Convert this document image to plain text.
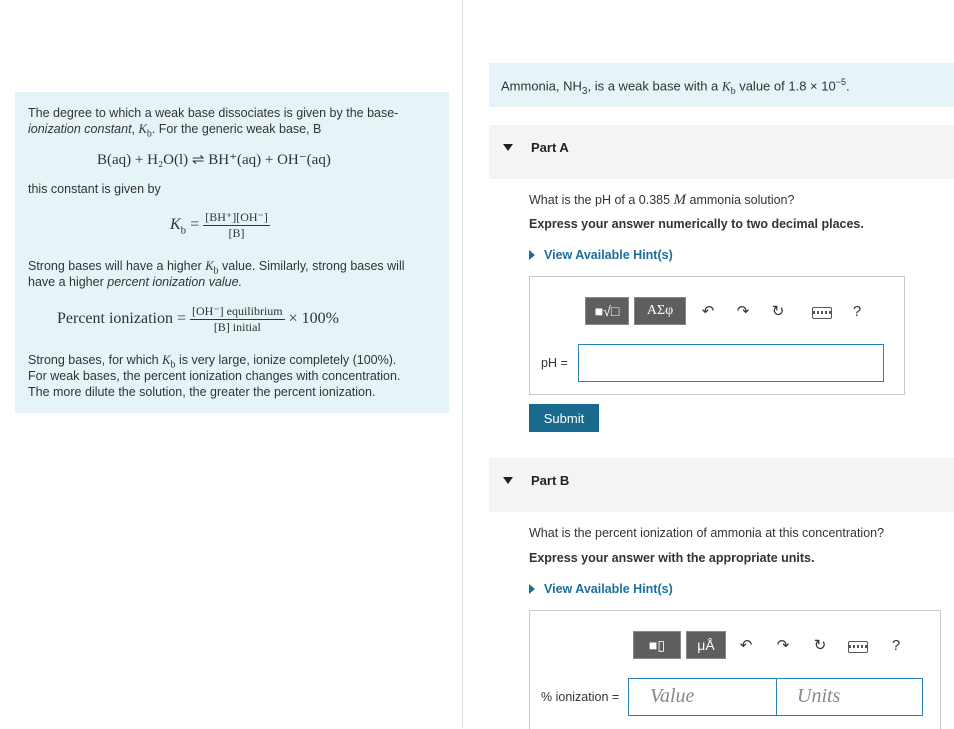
The degree to which a weak base dissociates is given by the base-
ionization constant, $K_b$. For the generic weak base, B
B(aq) + H₂O(l) ⇌ BH⁺(aq) + OH⁻(aq)
this constant is given by
$K_b = \frac{[BH^+][OH^-]}{[B]}$
Strong bases will have a higher $K_b$ value. Similarly, strong bases will
have a higher percent ionization value.
Percent ionization = $\frac{\text{[OH⁻] equilibrium}}{\text{[B] initial}} \times 100\%$
Strong bases, for which $K_b$ is very large, ionize completely (100%).
For weak bases, the percent ionization changes with concentration.
The more dilute the solution, the greater the percent ionization.
Ammonia, $NH_3$, is a weak base with a $K_b$ value of $1.8 \times 10^{-5}$.
Part A
What is the pH of a 0.385 M ammonia solution?
Express your answer numerically to two decimal places.
View Available Hint(s)
■√□	AΣφ	↶ ↷ ↻	?
pH =
Submit
Part B
What is the percent ionization of ammonia at this concentration?
Express your answer with the appropriate units.
View Available Hint(s)
■▯	μÅ	↶ ↷ ↻	?
% ionization = Value	Units
